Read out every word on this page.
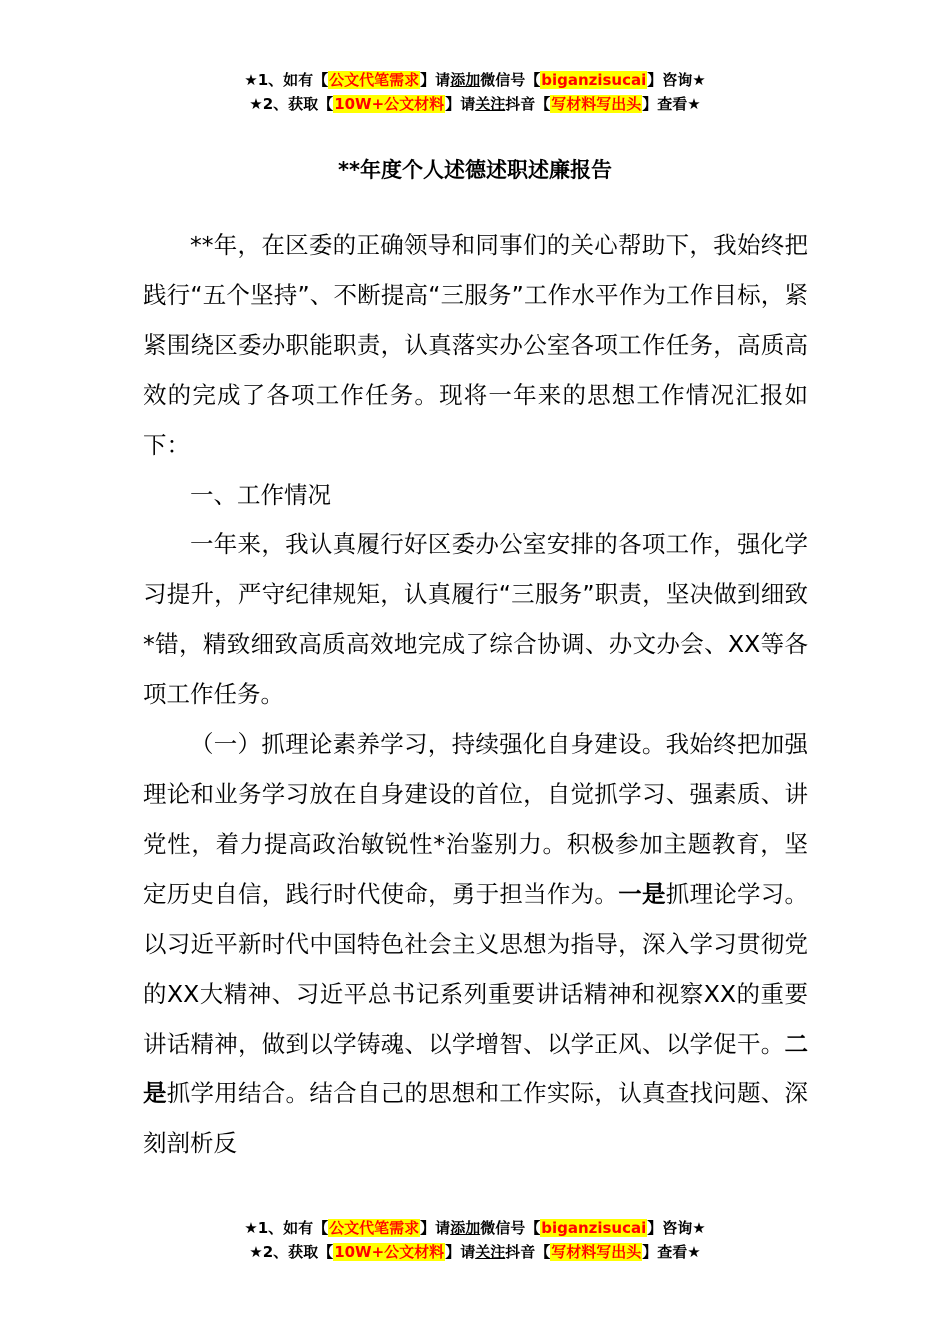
★1、如有【公文代笔需求】请添加微信号【biganzisucai】咨询★
★2、获取【10W+公文材料】请关注抖音【写材料写出头】查看★
**年度个人述德述职述廉报告

**年，在区委的正确领导和同事们的关心帮助下，我始终把践行“五个坚持”、不断提高“三服务”工作水平作为工作目标，紧紧围绕区委办职能职责，认真落实办公室各项工作任务，高质高效的完成了各项工作任务。现将一年来的思想工作情况汇报如下：

一、工作情况

一年来，我认真履行好区委办公室安排的各项工作，强化学习提升，严守纪律规矩，认真履行“三服务”职责，坚决做到细致*错，精致细致高质高效地完成了综合协调、办文办会、XX等各项工作任务。

（一）抓理论素养学习，持续强化自身建设。我始终把加强理论和业务学习放在自身建设的首位，自觉抓学习、强素质、讲党性，着力提高政治敏锐性*治鉴别力。积极参加主题教育，坚定历史自信，践行时代使命，勇于担当作为。一是抓理论学习。以习近平新时代中国特色社会主义思想为指导，深入学习贯彻党的XX大精神、习近平总书记系列重要讲话精神和视察XX的重要讲话精神，做到以学铸魂、以学增智、以学正风、以学促干。二是抓学用结合。结合自己的思想和工作实际，认真查找问题、深刻剖析反

★1、如有【公文代笔需求】请添加微信号【biganzisucai】咨询★
★2、获取【10W+公文材料】请关注抖音【写材料写出头】查看★
